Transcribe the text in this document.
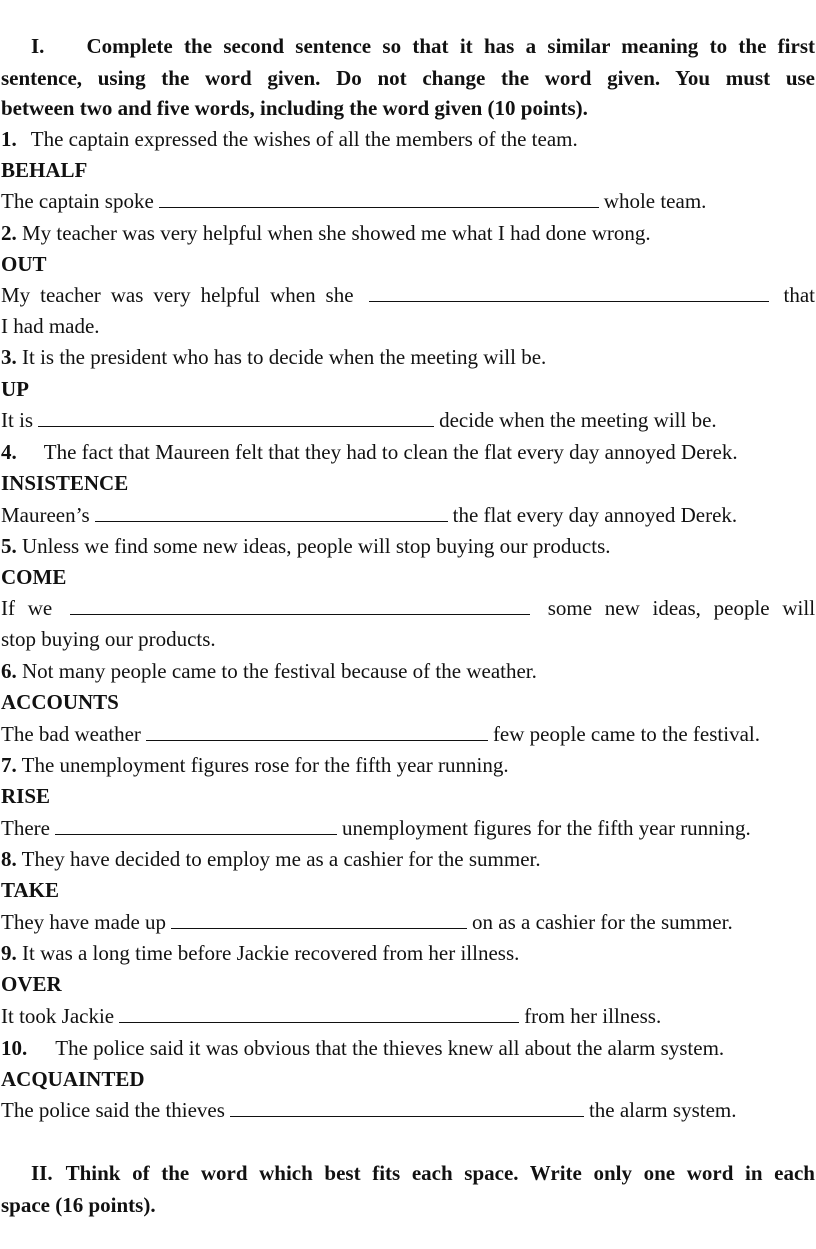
I. Complete the second sentence so that it has a similar meaning to the first
sentence, using the word given. Do not change the word given. You must use
between two and five words, including the word given (10 points).
1. The captain expressed the wishes of all the members of the team.
BEHALF
The captain spoke	whole team.
2. My teacher was very helpful when she showed me what I had done wrong.
OUT
My teacher was very helpful when she	that
I had made.
3. It is the president who has to decide when the meeting will be.
UP
It is	decide when the meeting will be.
4. The fact that Maureen felt that they had to clean the flat every day annoyed Derek.
INSISTENCE
Maureen’s	the flat every day annoyed Derek.
5. Unless we find some new ideas, people will stop buying our products.
COME
If we	some new ideas, people will
stop buying our products.
6. Not many people came to the festival because of the weather.
ACCOUNTS
The bad weather	few people came to the festival.
7. The unemployment figures rose for the fifth year running.
RISE
There	unemployment figures for the fifth year running.
8. They have decided to employ me as a cashier for the summer.
TAKE
They have made up	on as a cashier for the summer.
9. It was a long time before Jackie recovered from her illness.
OVER
It took Jackie	from her illness.
10. The police said it was obvious that the thieves knew all about the alarm system.
ACQUAINTED
The police said the thieves	the alarm system.
II. Think of the word which best fits each space. Write only one word in each
space (16 points).
